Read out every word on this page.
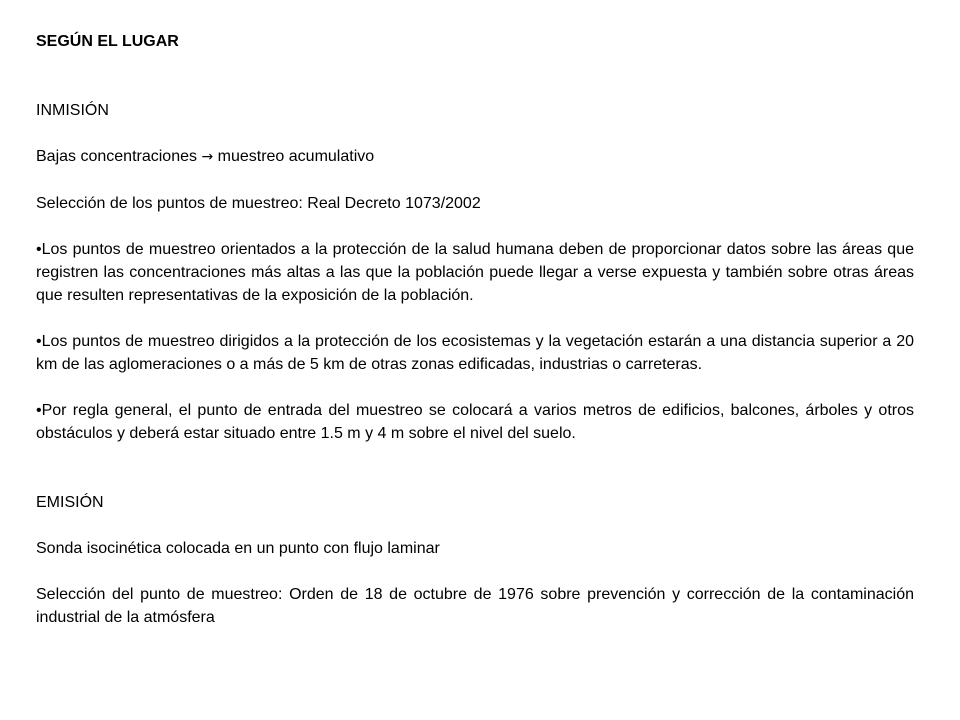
SEGÚN EL LUGAR

INMISIÓN

Bajas concentraciones → muestreo acumulativo

Selección de los puntos de muestreo: Real Decreto 1073/2002

•Los puntos de muestreo orientados a la protección de la salud humana deben de proporcionar datos sobre las áreas que registren las concentraciones más altas a las que la población puede llegar a verse expuesta y también sobre otras áreas que resulten representativas de la exposición de la población.

•Los puntos de muestreo dirigidos a la protección de los ecosistemas y la vegetación estarán a una distancia superior a 20 km de las aglomeraciones o a más de 5 km de otras zonas edificadas, industrias o carreteras.

•Por regla general, el punto de entrada del muestreo se colocará a varios metros de edificios, balcones, árboles y otros obstáculos y deberá estar situado entre 1.5 m y 4 m sobre el nivel del suelo.

EMISIÓN

Sonda isocinética colocada en un punto con flujo laminar

Selección del punto de muestreo: Orden de 18 de octubre de 1976 sobre prevención y corrección de la contaminación industrial de la atmósfera
